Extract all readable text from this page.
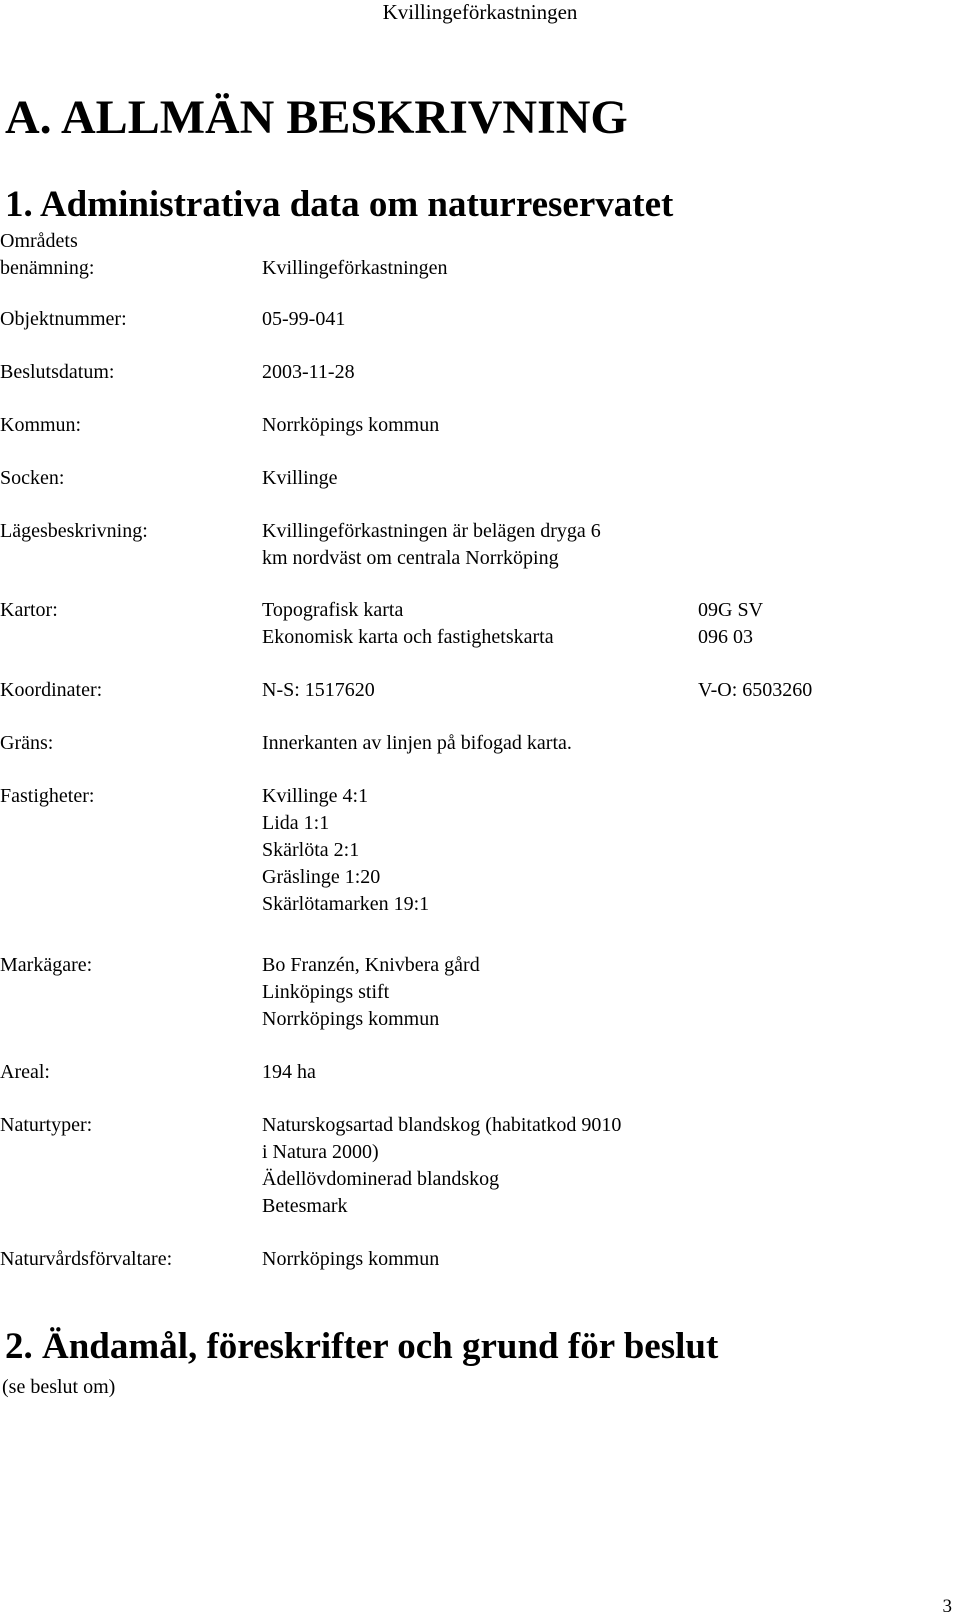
Kvillingeförkastningen
A. ALLMÄN BESKRIVNING
1. Administrativa data om naturreservatet
Områdets
benämning:	Kvillingeförkastningen
Objektnummer:	05-99-041
Beslutsdatum:	2003-11-28
Kommun:	Norrköpings kommun
Socken:	Kvillinge
Lägesbeskrivning:	Kvillingeförkastningen är belägen dryga 6
km nordväst om centrala Norrköping
Kartor:	Topografisk karta	09G SV
Ekonomisk karta och fastighetskarta	096 03
Koordinater:	N-S: 1517620	V-O: 6503260
Gräns:	Innerkanten av linjen på bifogad karta.
Fastigheter:	Kvillinge 4:1
Lida 1:1
Skärlöta 2:1
Gräslinge 1:20
Skärlötamarken 19:1
Markägare:	Bo Franzén, Knivbera gård
Linköpings stift
Norrköpings kommun
Areal:	194 ha
Naturtyper:	Naturskogsartad blandskog (habitatkod 9010
i Natura 2000)
Ädellövdominerad blandskog
Betesmark
Naturvårdsförvaltare:	Norrköpings kommun
2. Ändamål, föreskrifter och grund för beslut
(se beslut om)
3
